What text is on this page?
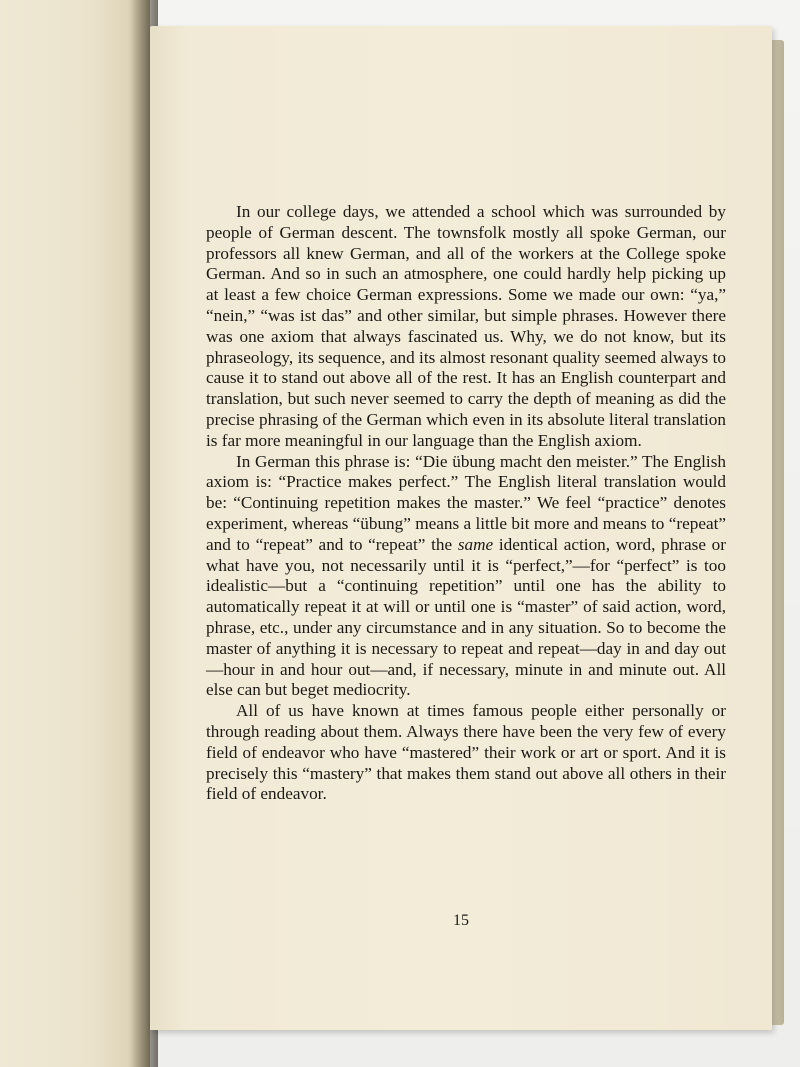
In our college days, we attended a school which was surrounded by people of German descent. The townsfolk mostly all spoke German, our professors all knew German, and all of the workers at the College spoke German. And so in such an atmosphere, one could hardly help picking up at least a few choice German expressions. Some we made our own: “ya,” “nein,” “was ist das” and other similar, but simple phrases. However there was one axiom that always fascinated us. Why, we do not know, but its phraseology, its sequence, and its almost resonant quality seemed always to cause it to stand out above all of the rest. It has an English counterpart and translation, but such never seemed to carry the depth of meaning as did the precise phrasing of the German which even in its absolute literal translation is far more meaningful in our language than the English axiom.

In German this phrase is: “Die übung macht den meister.” The English axiom is: “Practice makes perfect.” The English literal translation would be: “Continuing repetition makes the master.” We feel “practice” denotes experiment, whereas “übung” means a little bit more and means to “repeat” and to “repeat” and to “repeat” the same identical action, word, phrase or what have you, not necessarily until it is “perfect,”—for “perfect” is too idealistic—but a “continuing repetition” until one has the ability to automatically repeat it at will or until one is “master” of said action, word, phrase, etc., under any circumstance and in any situation. So to become the master of anything it is necessary to repeat and repeat—day in and day out—hour in and hour out—and, if necessary, minute in and minute out. All else can but beget mediocrity.

All of us have known at times famous people either personally or through reading about them. Always there have been the very few of every field of endeavor who have “mastered” their work or art or sport. And it is precisely this “mastery” that makes them stand out above all others in their field of endeavor.

15
